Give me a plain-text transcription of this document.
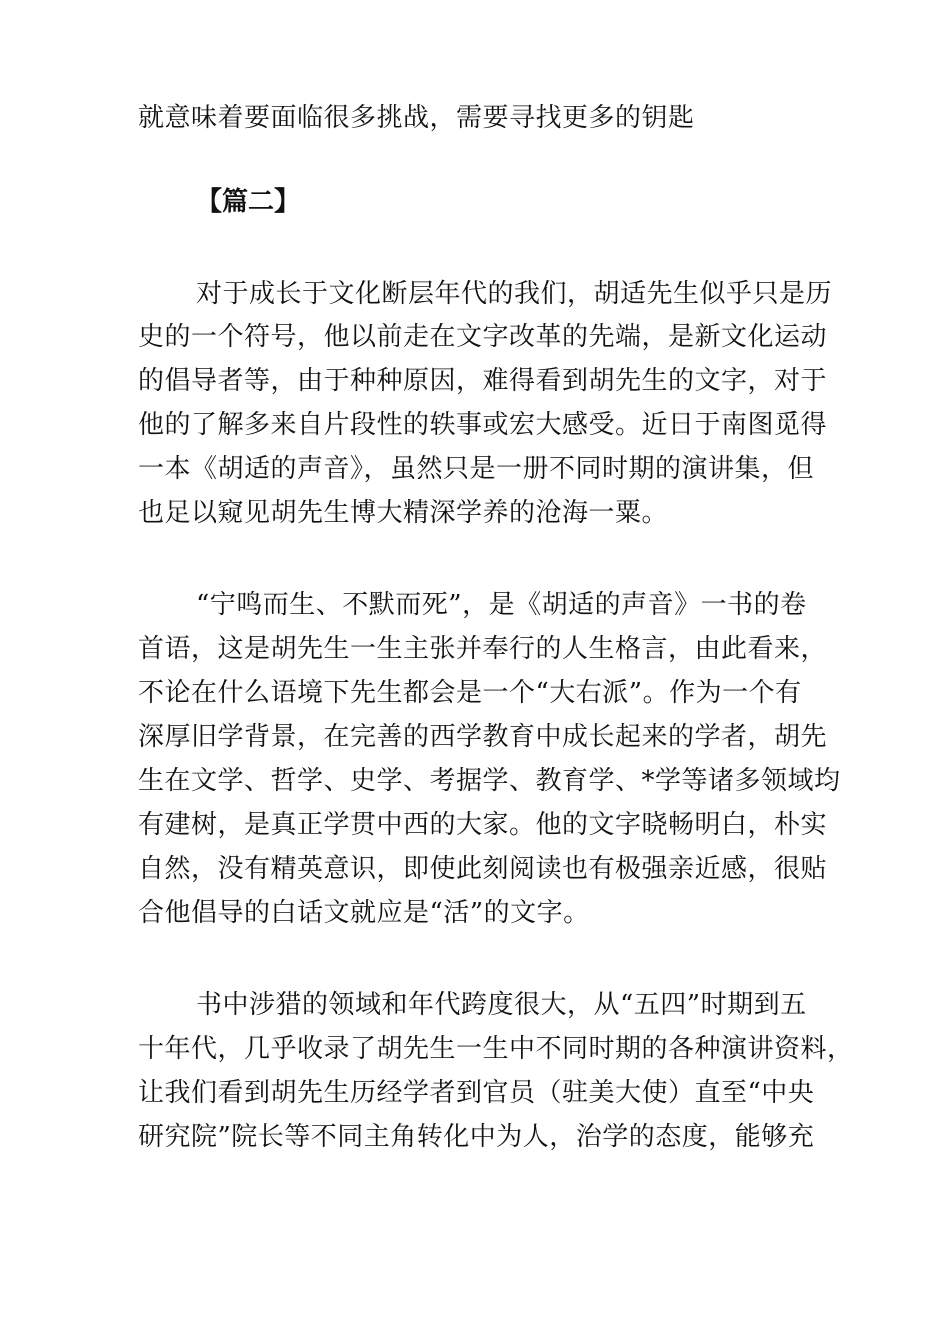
就意味着要面临很多挑战，需要寻找更多的钥匙
【篇二】
对于成长于文化断层年代的我们，胡适先生似乎只是历
史的一个符号，他以前走在文字改革的先端，是新文化运动
的倡导者等，由于种种原因，难得看到胡先生的文字，对于
他的了解多来自片段性的轶事或宏大感受。近日于南图觅得
一本《胡适的声音》，虽然只是一册不同时期的演讲集，但
也足以窥见胡先生博大精深学养的沧海一粟。
“宁鸣而生、不默而死”，是《胡适的声音》一书的卷
首语，这是胡先生一生主张并奉行的人生格言，由此看来，
不论在什么语境下先生都会是一个“大右派”。作为一个有
深厚旧学背景，在完善的西学教育中成长起来的学者，胡先
生在文学、哲学、史学、考据学、教育学、*学等诸多领域均
有建树，是真正学贯中西的大家。他的文字晓畅明白，朴实
自然，没有精英意识，即使此刻阅读也有极强亲近感，很贴
合他倡导的白话文就应是“活”的文字。
书中涉猎的领域和年代跨度很大，从“五四”时期到五
十年代，几乎收录了胡先生一生中不同时期的各种演讲资料，
让我们看到胡先生历经学者到官员（驻美大使）直至“中央
研究院”院长等不同主角转化中为人，治学的态度，能够充
